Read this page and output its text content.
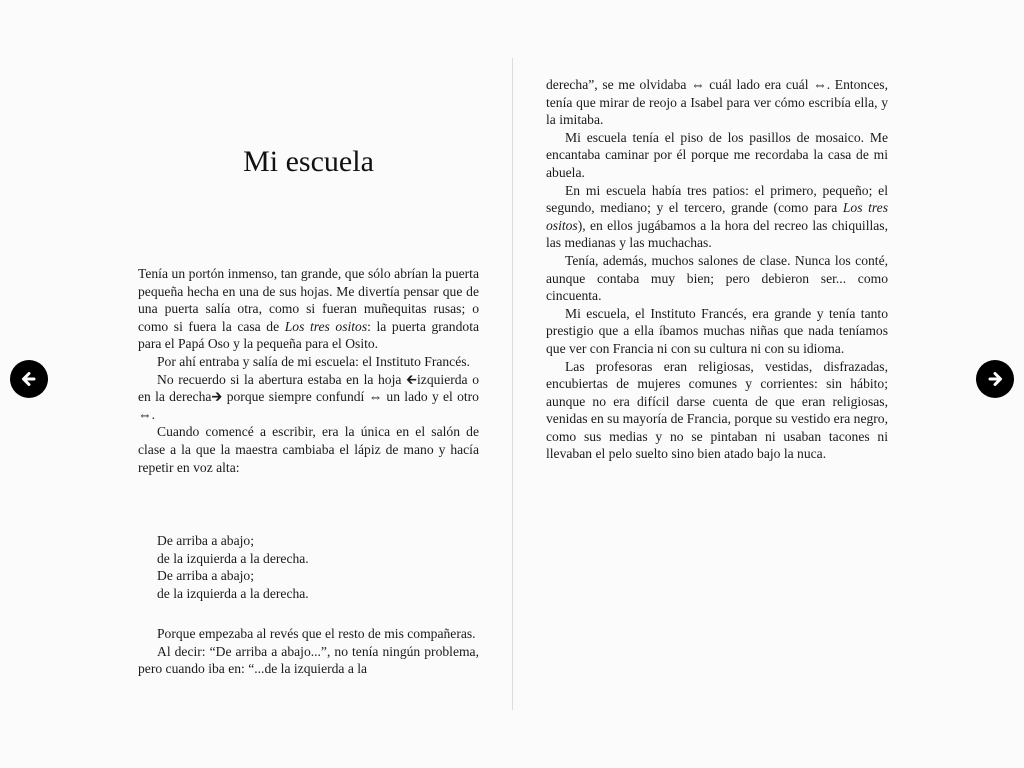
Mi escuela

Tenía un portón inmenso, tan grande, que sólo abrían la puerta pequeña hecha en una de sus hojas. Me divertía pensar que de una puerta salía otra, como si fueran muñequitas rusas; o como si fuera la casa de Los tres ositos: la puerta grandota para el Papá Oso y la pequeña para el Osito.

Por ahí entraba y salía de mi escuela: el Instituto Francés.

No recuerdo si la abertura estaba en la hoja 🡰izquierda o en la derecha🡲 porque siempre confundí ⇔ un lado y el otro ⇔.

Cuando comencé a escribir, era la única en el salón de clase a la que la maestra cambiaba el lápiz de mano y hacía repetir en voz alta:

De arriba a abajo;
de la izquierda a la derecha.
De arriba a abajo;
de la izquierda a la derecha.

Porque empezaba al revés que el resto de mis compañeras.

Al decir: “De arriba a abajo...”, no tenía ningún problema, pero cuando iba en: “...de la izquierda a la

derecha”, se me olvidaba ⇔ cuál lado era cuál ⇔. Entonces, tenía que mirar de reojo a Isabel para ver cómo escribía ella, y la imitaba.

Mi escuela tenía el piso de los pasillos de mosaico. Me encantaba caminar por él porque me recordaba la casa de mi abuela.

En mi escuela había tres patios: el primero, pequeño; el segundo, mediano; y el tercero, grande (como para Los tres ositos), en ellos jugábamos a la hora del recreo las chiquillas, las medianas y las muchachas.

Tenía, además, muchos salones de clase. Nunca los conté, aunque contaba muy bien; pero debieron ser... como cincuenta.

Mi escuela, el Instituto Francés, era grande y tenía tanto prestigio que a ella íbamos muchas niñas que nada teníamos que ver con Francia ni con su cultura ni con su idioma.

Las profesoras eran religiosas, vestidas, disfrazadas, encubiertas de mujeres comunes y corrientes: sin hábito; aunque no era difícil darse cuenta de que eran religiosas, venidas en su mayoría de Francia, porque su vestido era negro, como sus medias y no se pintaban ni usaban tacones ni llevaban el pelo suelto sino bien atado bajo la nuca.
